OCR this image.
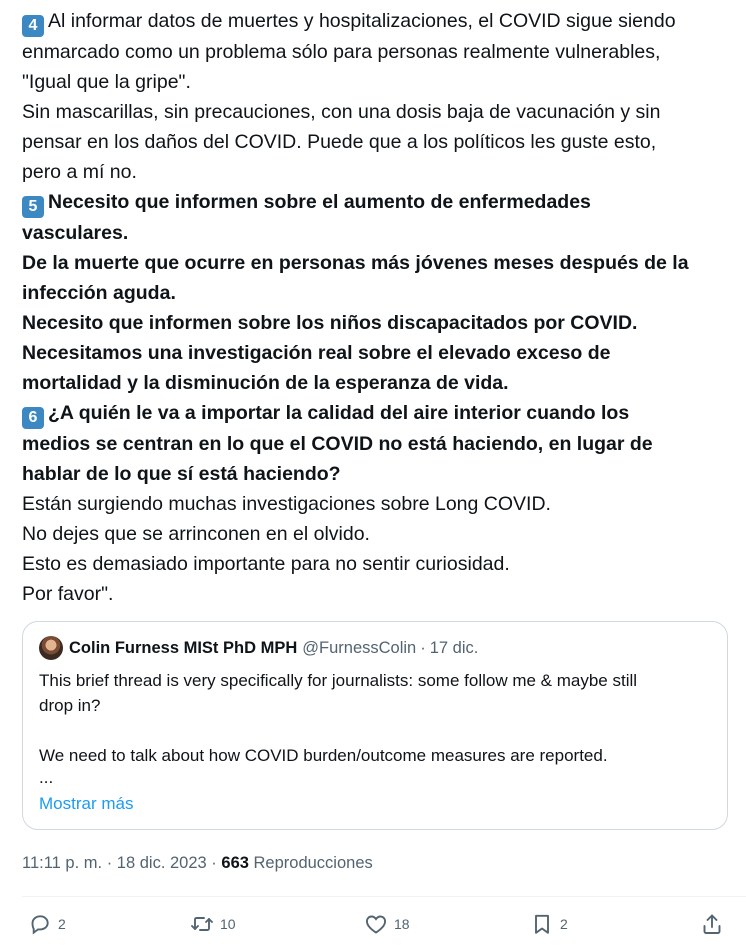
4 Al informar datos de muertes y hospitalizaciones, el COVID sigue siendo
enmarcado como un problema sólo para personas realmente vulnerables,
"Igual que la gripe".
Sin mascarillas, sin precauciones, con una dosis baja de vacunación y sin
pensar en los daños del COVID. Puede que a los políticos les guste esto,
pero a mí no.
5 Necesito que informen sobre el aumento de enfermedades
vasculares.
De la muerte que ocurre en personas más jóvenes meses después de la
infección aguda.
Necesito que informen sobre los niños discapacitados por COVID.
Necesitamos una investigación real sobre el elevado exceso de
mortalidad y la disminución de la esperanza de vida.
6 ¿A quién le va a importar la calidad del aire interior cuando los
medios se centran en lo que el COVID no está haciendo, en lugar de
hablar de lo que sí está haciendo?
Están surgiendo muchas investigaciones sobre Long COVID.
No dejes que se arrinconen en el olvido.
Esto es demasiado importante para no sentir curiosidad.
Por favor".
Colin Furness MISt PhD MPH @FurnessColin · 17 dic.
This brief thread is very specifically for journalists: some follow me & maybe still
drop in?
We need to talk about how COVID burden/outcome measures are reported.
...
Mostrar más
11:11 p. m. · 18 dic. 2023 · 663 Reproducciones
2	10	18	2
